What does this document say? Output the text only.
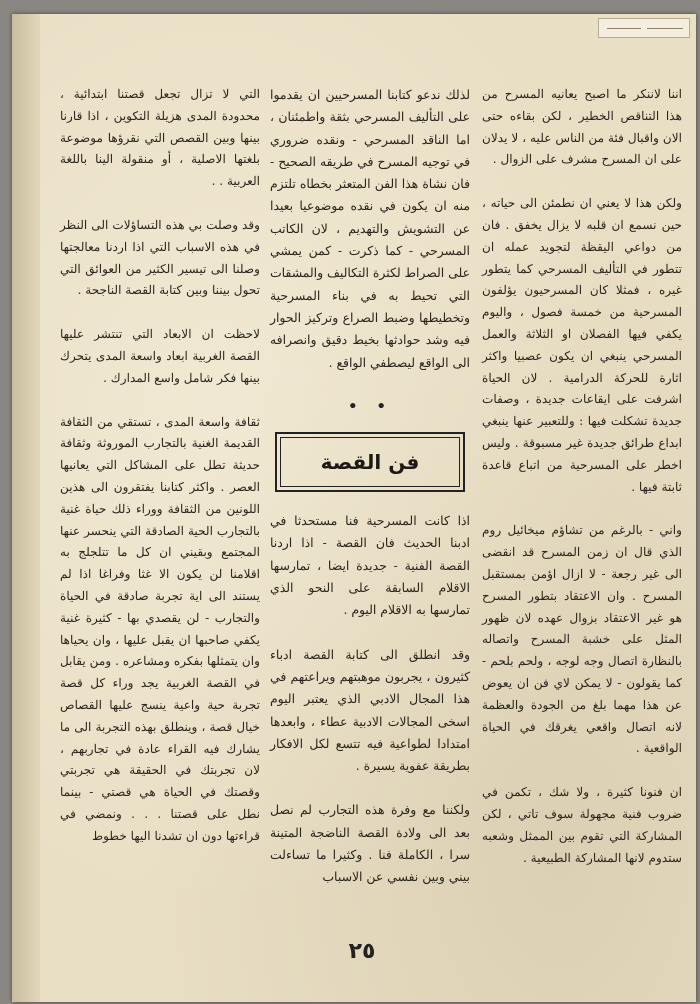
اننا لاننكر ما اصبح يعانيه المسرح من هذا التناقص الخطير ، لكن بقاءه حتى الان واقبال فئة من الناس عليه ، لا يدلان على ان المسرح مشرف على الزوال .

ولكن هذا لا يعني ان نطمئن الى حياته ، حين نسمع ان قلبه لا يزال يخفق . فان من دواعي اليقظة لتجويد عمله ان تتطور في التأليف المسرحي كما يتطور غيره ، فمثلا كان المسرحيون يؤلفون المسرحية من خمسة فصول ، واليوم يكفي فيها الفصلان او الثلاثة والعمل المسرحي ينبغي ان يكون عصبيا واكثر اثارة للحركة الدرامية . لان الحياة اشرفت على ايقاعات جديدة ، وصفات جديدة تشكلت فيها : وللتعبير عنها ينبغي ابداع طرائق جديدة غير مسبوقة . وليس اخطر على المسرحية من اتباع قاعدة ثابتة فيها .

واني - بالرغم من تشاؤم ميخائيل روم الذي قال ان زمن المسرح قد انقضى الى غير رجعة - لا ازال اؤمن بمستقبل المسرح . وان الاعتقاد بتطور المسرح هو غير الاعتقاد بزوال عهده لان ظهور المثل على خشبة المسرح واتصاله بالنظارة اتصال وجه لوجه ، ولحم بلحم - كما يقولون - لا يمكن لاي فن ان يعوض عن هذا مهما بلغ من الجودة والعظمة لانه اتصال واقعي يغرقك في الحياة الواقعية .

ان فنونا كثيرة ، ولا شك ، تكمن في ضروب فنية مجهولة سوف تاتي ، لكن المشاركة التي تقوم بين الممثل وشعبه ستدوم لانها المشاركة الطبيعية .

لذلك ندعو كتابنا المسرحيين ان يقدموا على التأليف المسرحي بثقة واطمئنان ، اما الناقد المسرحي - ونقده ضروري في توجيه المسرح في طريقه الصحيح - فان نشاة هذا الفن المتعثر بخطاه تلتزم منه ان يكون في نقده موضوعيا بعيدا عن التشويش والتهديم ، لان الكاتب المسرحي - كما ذكرت - كمن يمشي على الصراط لكثرة التكاليف والمشقات التي تحيط به في بناء المسرحية وتخطيطها وضبط الصراع وتركيز الحوار فيه وشد حوادثها بخيط دقيق وانصرافه الى الواقع ليصطفي الواقع .

• •
فن القصة

اذا كانت المسرحية فنا مستحدثا في ادبنا الحديث فان القصة - اذا اردنا القصة الفنية - جديدة ايضا ، تمارسها الاقلام السابقة على النحو الذي تمارسها به الاقلام اليوم .

وقد انطلق الى كتابة القصة ادباء كثيرون ، يجربون موهبتهم ويراعتهم في هذا المجال الادبي الذي يعتبر اليوم اسخى المجالات الادبية عطاء ، وابعدها امتدادا لطواعية فيه تتسع لكل الافكار بطريقة عفوية يسيرة .

ولكننا مع وفرة هذه التجارب لم نصل بعد الى ولادة القصة الناضجة المتينة سرا ، الكاملة فنا . وكثيرا ما تساءلت بيني وبين نفسي عن الاسباب

التي لا تزال تجعل قصتنا ابتدائية ، محدودة المدى هزيلة التكوين ، اذا قارنا بينها وبين القصص التي نقرؤها موضوعة بلغتها الاصلية ، أو منقولة الينا باللغة العربية . .

وقد وصلت بي هذه التساؤلات الى النظر في هذه الاسباب التي اذا اردنا معالجتها وصلنا الى تيسير الكثير من العوائق التي تحول بيننا وبين كتابة القصة الناجحة .

لاحظت ان الابعاد التي تنتشر عليها القصة الغربية ابعاد واسعة المدى يتحرك بينها فكر شامل واسع المدارك .

ثقافة واسعة المدى ، تستقي من الثقافة القديمة الغنية بالتجارب الموروثة وثقافة حديثة تطل على المشاكل التي يعانيها العصر . واكثر كتابنا يفتقرون الى هذين اللونين من الثقافة ووراء ذلك حياة غنية بالتجارب الحية الصادقة التي ينحسر عنها المجتمع وبقيني ان كل ما تتلجلج به اقلامنا لن يكون الا غثا وفراغا اذا لم يستند الى اية تجربة صادقة في الحياة والتجارب - لن يقصدي بها - كثيرة غنية يكفي صاحبها ان يقبل عليها ، وان يحياها وان يتمثلها بفكره ومشاعره . ومن يقابل في القصة الغربية يجد وراء كل قصة تجربة حية واعية ينسج عليها القصاص خيال قصة ، وينطلق بهذه التجربة الى ما يشارك فيه القراء عادة في تجاربهم ، لان تجربتك في الحقيقة هي تجربتي وقصتك في الحياة هي قصتي - بينما نطل على قصتنا . . . ونمضي في قراءتها دون ان تشدنا اليها خطوط

٢٥
